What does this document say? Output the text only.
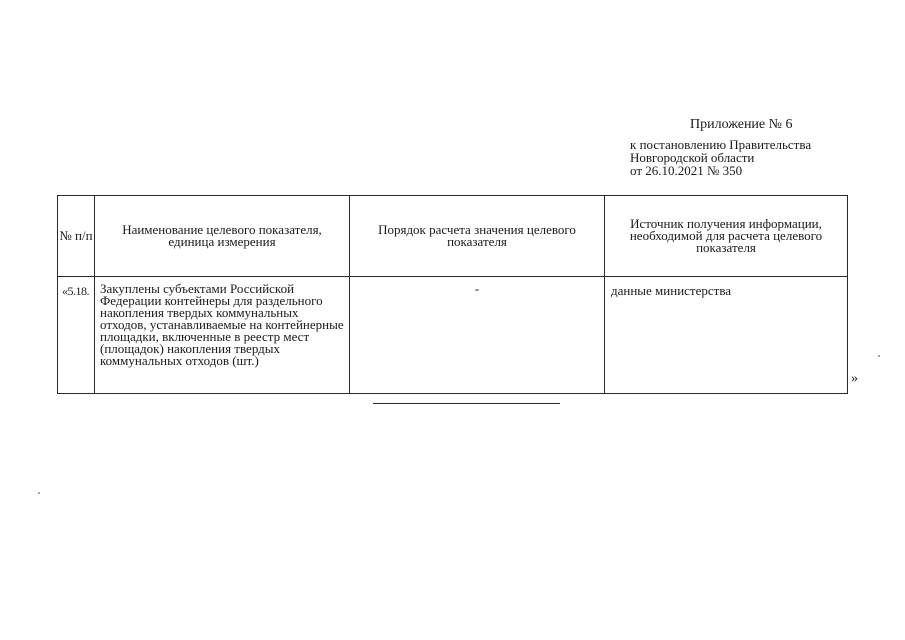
Приложение № 6
к постановлению Правительства
Новгородской области
от 26.10.2021 № 350
№ п/п	Наименование целевого показателя, единица измерения	Порядок расчета значения целевого показателя	Источник получения информации, необходимой для расчета целевого показателя
«5.18.	Закуплены субъектами Российской Федерации контейнеры для раздельного накопления твердых коммунальных отходов, устанавливаемые на контейнерные площадки, включенные в реестр мест (площадок) накопления твердых коммунальных отходов (шт.)	-	данные министерства
»
